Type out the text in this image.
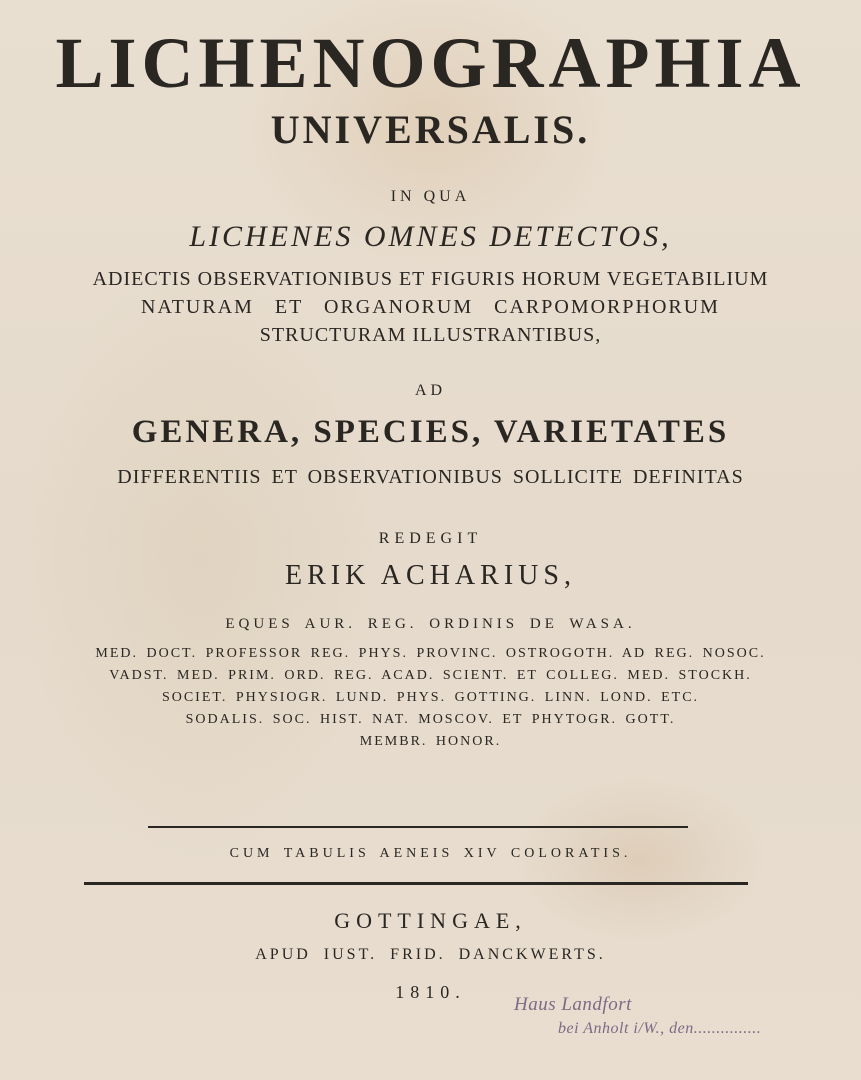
LICHENOGRAPHIA
UNIVERSALIS.
IN QUA
LICHENES OMNES DETECTOS,
ADIECTIS OBSERVATIONIBUS ET FIGURIS HORUM VEGETABILIUM
NATURAM ET ORGANORUM CARPOMORPHORUM
STRUCTURAM ILLUSTRANTIBUS,
AD
GENERA, SPECIES, VARIETATES
DIFFERENTIIS ET OBSERVATIONIBUS SOLLICITE DEFINITAS
REDEGIT
ERIK ACHARIUS,
EQUES AUR. REG. ORDINIS DE WASA.
MED. DOCT. PROFESSOR REG. PHYS. PROVINC. OSTROGOTH. AD REG. NOSOC.
VADST. MED. PRIM. ORD. REG. ACAD. SCIENT. ET COLLEG. MED. STOCKH.
SOCIET. PHYSIOGR. LUND. PHYS. GOTTING. LINN. LOND. ETC.
SODALIS. SOC. HIST. NAT. MOSCOV. ET PHYTOGR. GOTT.
MEMBR. HONOR.
CUM TABULIS AENEIS XIV COLORATIS.
GOTTINGAE,
APUD IUST. FRID. DANCKWERTS.
1810.
Haus Landfort
bei Anholt i/W., den...............
